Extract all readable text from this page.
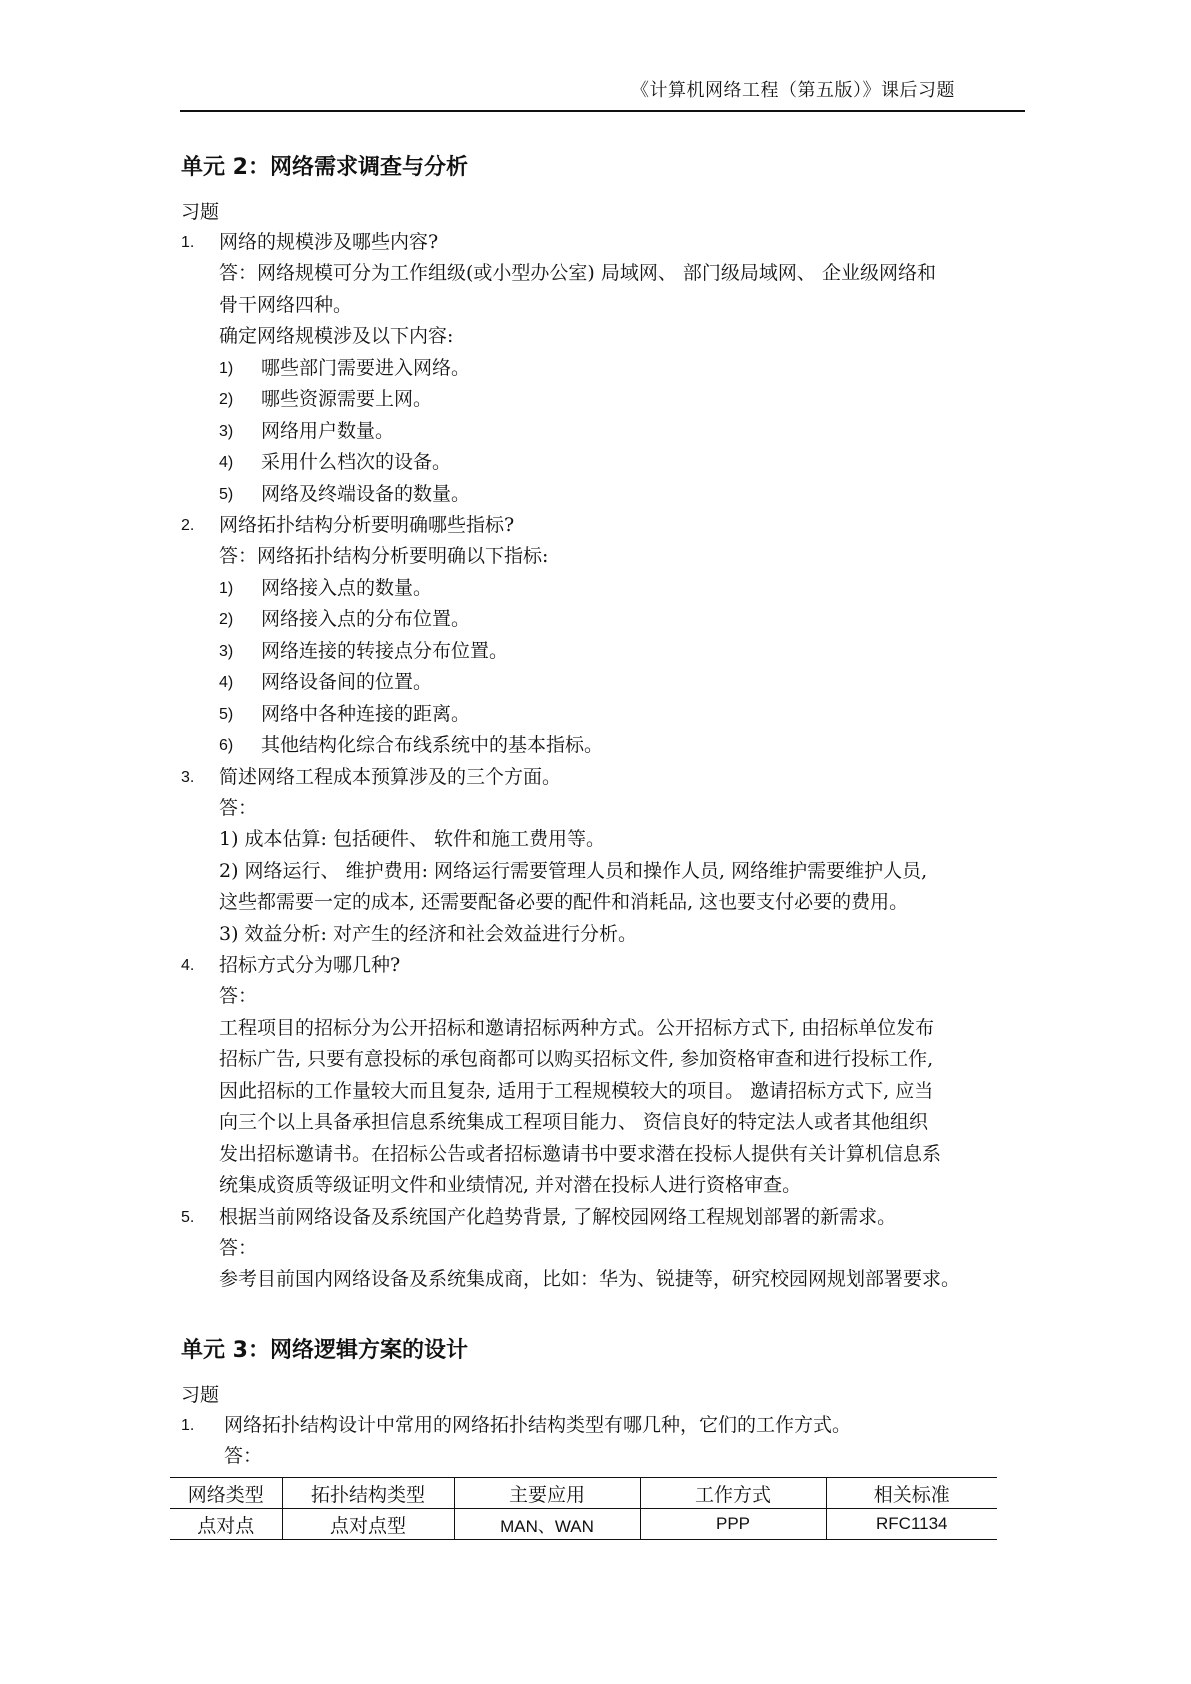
《计算机网络工程（第五版）》课后习题
单元 2：网络需求调查与分析
习题
1.	网络的规模涉及哪些内容?
答：网络规模可分为工作组级(或小型办公室) 局域网、 部门级局域网、 企业级网络和
骨干网络四种。
确定网络规模涉及以下内容:
1) 哪些部门需要进入网络。
2) 哪些资源需要上网。
3) 网络用户数量。
4) 采用什么档次的设备。
5) 网络及终端设备的数量。
2.	网络拓扑结构分析要明确哪些指标?
答：网络拓扑结构分析要明确以下指标:
1) 网络接入点的数量。
2) 网络接入点的分布位置。
3) 网络连接的转接点分布位置。
4) 网络设备间的位置。
5) 网络中各种连接的距离。
6) 其他结构化综合布线系统中的基本指标。
3.	简述网络工程成本预算涉及的三个方面。
答：
1) 成本估算: 包括硬件、 软件和施工费用等。
2) 网络运行、 维护费用: 网络运行需要管理人员和操作人员, 网络维护需要维护人员,
这些都需要一定的成本, 还需要配备必要的配件和消耗品, 这也要支付必要的费用。
3) 效益分析: 对产生的经济和社会效益进行分析。
4.	招标方式分为哪几种?
答：
工程项目的招标分为公开招标和邀请招标两种方式。公开招标方式下, 由招标单位发布
招标广告, 只要有意投标的承包商都可以购买招标文件, 参加资格审查和进行投标工作,
因此招标的工作量较大而且复杂, 适用于工程规模较大的项目。 邀请招标方式下, 应当
向三个以上具备承担信息系统集成工程项目能力、 资信良好的特定法人或者其他组织
发出招标邀请书。在招标公告或者招标邀请书中要求潜在投标人提供有关计算机信息系
统集成资质等级证明文件和业绩情况, 并对潜在投标人进行资格审查。
5.	根据当前网络设备及系统国产化趋势背景, 了解校园网络工程规划部署的新需求。
答：
参考目前国内网络设备及系统集成商，比如：华为、锐捷等，研究校园网规划部署要求。
单元 3：网络逻辑方案的设计
习题
1.	网络拓扑结构设计中常用的网络拓扑结构类型有哪几种，它们的工作方式。
答：
网络类型	拓扑结构类型	主要应用	工作方式	相关标准
点对点	点对点型	MAN、WAN	PPP	RFC1134
